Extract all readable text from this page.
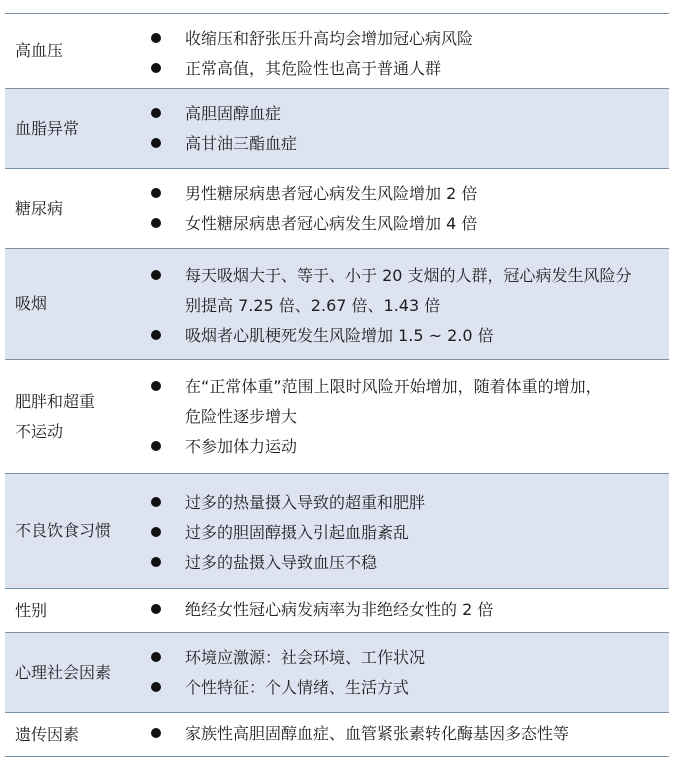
高血压
收缩压和舒张压升高均会增加冠心病风险
正常高值，其危险性也高于普通人群
血脂异常
高胆固醇血症
高甘油三酯血症
糖尿病
男性糖尿病患者冠心病发生风险增加 2 倍
女性糖尿病患者冠心病发生风险增加 4 倍
吸烟
每天吸烟大于、等于、小于 20 支烟的人群，冠心病发生风险分
别提高 7.25 倍、2.67 倍、1.43 倍
吸烟者心肌梗死发生风险增加 1.5 ~ 2.0 倍
肥胖和超重
不运动
在“正常体重”范围上限时风险开始增加，随着体重的增加，
危险性逐步增大
不参加体力运动
不良饮食习惯
过多的热量摄入导致的超重和肥胖
过多的胆固醇摄入引起血脂紊乱
过多的盐摄入导致血压不稳
性别	绝经女性冠心病发病率为非绝经女性的 2 倍
心理社会因素
环境应激源：社会环境、工作状况
个性特征：个人情绪、生活方式
遗传因素	家族性高胆固醇血症、血管紧张素转化酶基因多态性等
